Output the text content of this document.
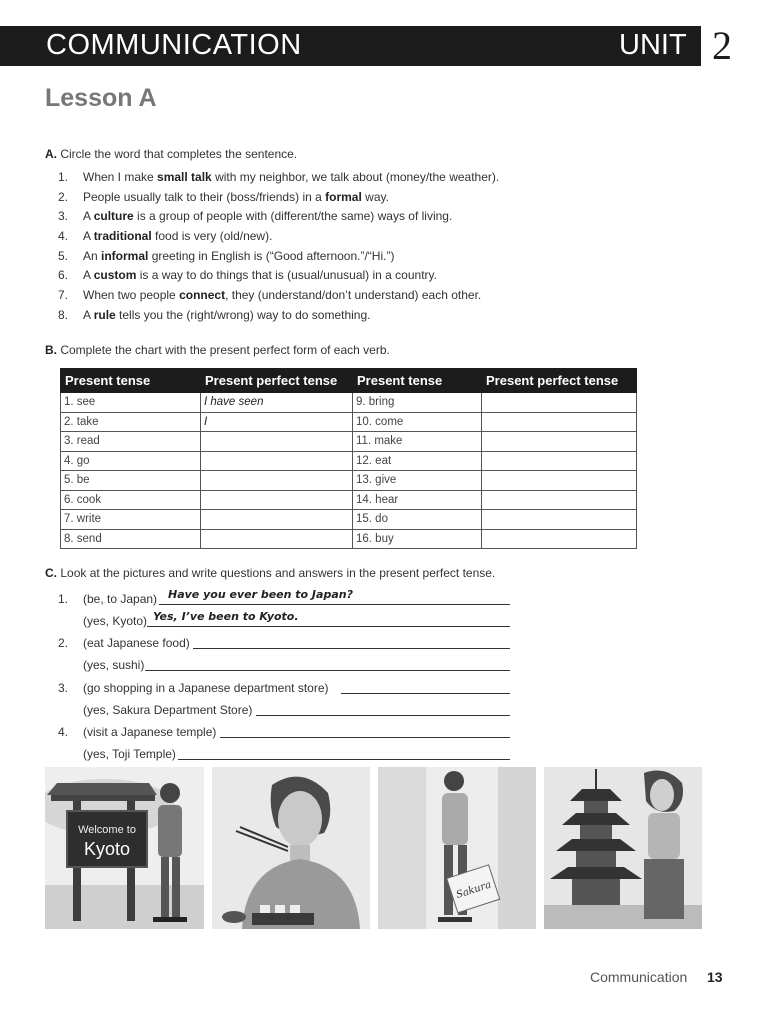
COMMUNICATION	UNIT 2
Lesson A
A. Circle the word that completes the sentence.
1. When I make small talk with my neighbor, we talk about (money/the weather).
2. People usually talk to their (boss/friends) in a formal way.
3. A culture is a group of people with (different/the same) ways of living.
4. A traditional food is very (old/new).
5. An informal greeting in English is (“Good afternoon.”/“Hi.”)
6. A custom is a way to do things that is (usual/unusual) in a country.
7. When two people connect, they (understand/don’t understand) each other.
8. A rule tells you the (right/wrong) way to do something.
B. Complete the chart with the present perfect form of each verb.
Present tense	Present perfect tense	Present tense	Present perfect tense
1. see	I have seen	9. bring	
2. take	I	10. come	
3. read		11. make	
4. go		12. eat	
5. be		13. give	
6. cook		14. hear	
7. write		15. do	
8. send		16. buy	
C. Look at the pictures and write questions and answers in the present perfect tense.
1. (be, to Japan) Have you ever been to Japan?
(yes, Kyoto) Yes, I’ve been to Kyoto.
2. (eat Japanese food)
(yes, sushi)
3. (go shopping in a Japanese department store)
(yes, Sakura Department Store)
4. (visit a Japanese temple)
(yes, Toji Temple)
Welcome to
Kyoto
Sakura
Communication 13
